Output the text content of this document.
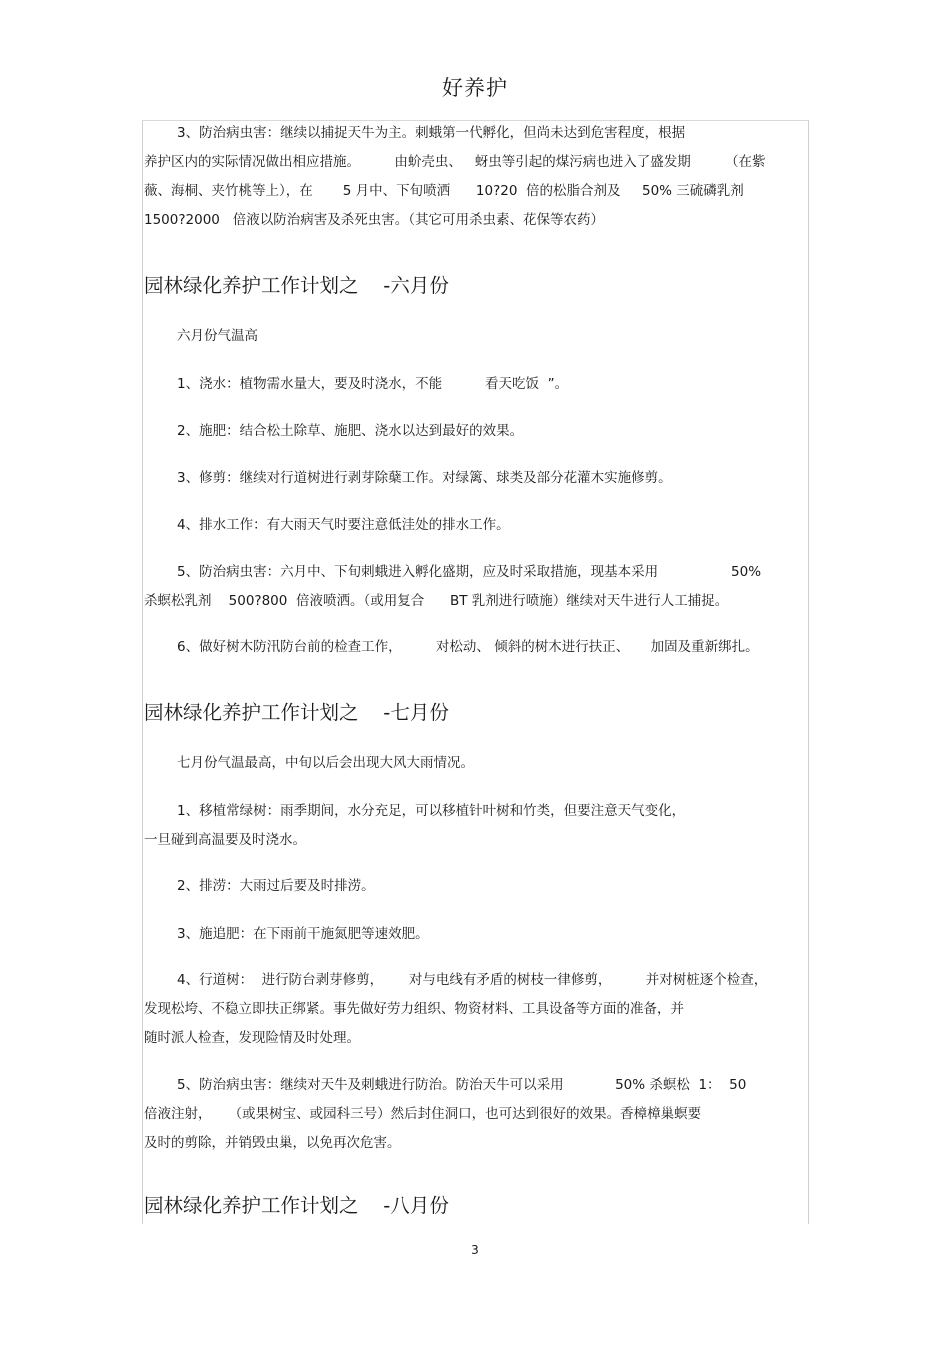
好养护
3、防治病虫害：继续以捕捉天牛为主。刺蛾第一代孵化，但尚未达到危害程度，根据
养护区内的实际情况做出相应措施。        由蚧壳虫、   蚜虫等引起的煤污病也进入了盛发期        （在紫
薇、海桐、夹竹桃等上），在       5 月中、下旬喷洒      10?20  倍的松脂合剂及     50% 三硫磷乳剂
1500?2000   倍液以防治病害及杀死虫害。（其它可用杀虫素、花保等农药）
园林绿化养护工作计划之    -六月份
六月份气温高
1、浇水：植物需水量大，要及时浇水，不能          看天吃饭  ”。
2、施肥：结合松土除草、施肥、浇水以达到最好的效果。
3、修剪：继续对行道树进行剥芽除蘖工作。对绿篱、球类及部分花灌木实施修剪。
4、排水工作：有大雨天气时要注意低洼处的排水工作。
5、防治病虫害：六月中、下旬刺蛾进入孵化盛期，应及时采取措施，现基本采用                 50%
杀螟松乳剂    500?800  倍液喷洒。（或用复合      BT 乳剂进行喷施）继续对天牛进行人工捕捉。
6、做好树木防汛防台前的检查工作，        对松动、 倾斜的树木进行扶正、     加固及重新绑扎。
园林绿化养护工作计划之    -七月份
七月份气温最高，中旬以后会出现大风大雨情况。
1、移植常绿树：雨季期间，水分充足，可以移植针叶树和竹类，但要注意天气变化，
一旦碰到高温要及时浇水。
2、排涝：大雨过后要及时排涝。
3、施追肥：在下雨前干施氮肥等速效肥。
4、行道树：  进行防台剥芽修剪，      对与电线有矛盾的树枝一律修剪，        并对树桩逐个检查，
发现松垮、不稳立即扶正绑紧。事先做好劳力组织、物资材料、工具设备等方面的准备，并
随时派人检查，发现险情及时处理。
5、防治病虫害：继续对天牛及刺蛾进行防治。防治天牛可以采用            50% 杀螟松  1：  50
倍液注射，    （或果树宝、或园科三号）然后封住洞口，也可达到很好的效果。香樟樟巢螟要
及时的剪除，并销毁虫巢，以免再次危害。
园林绿化养护工作计划之    -八月份
3
